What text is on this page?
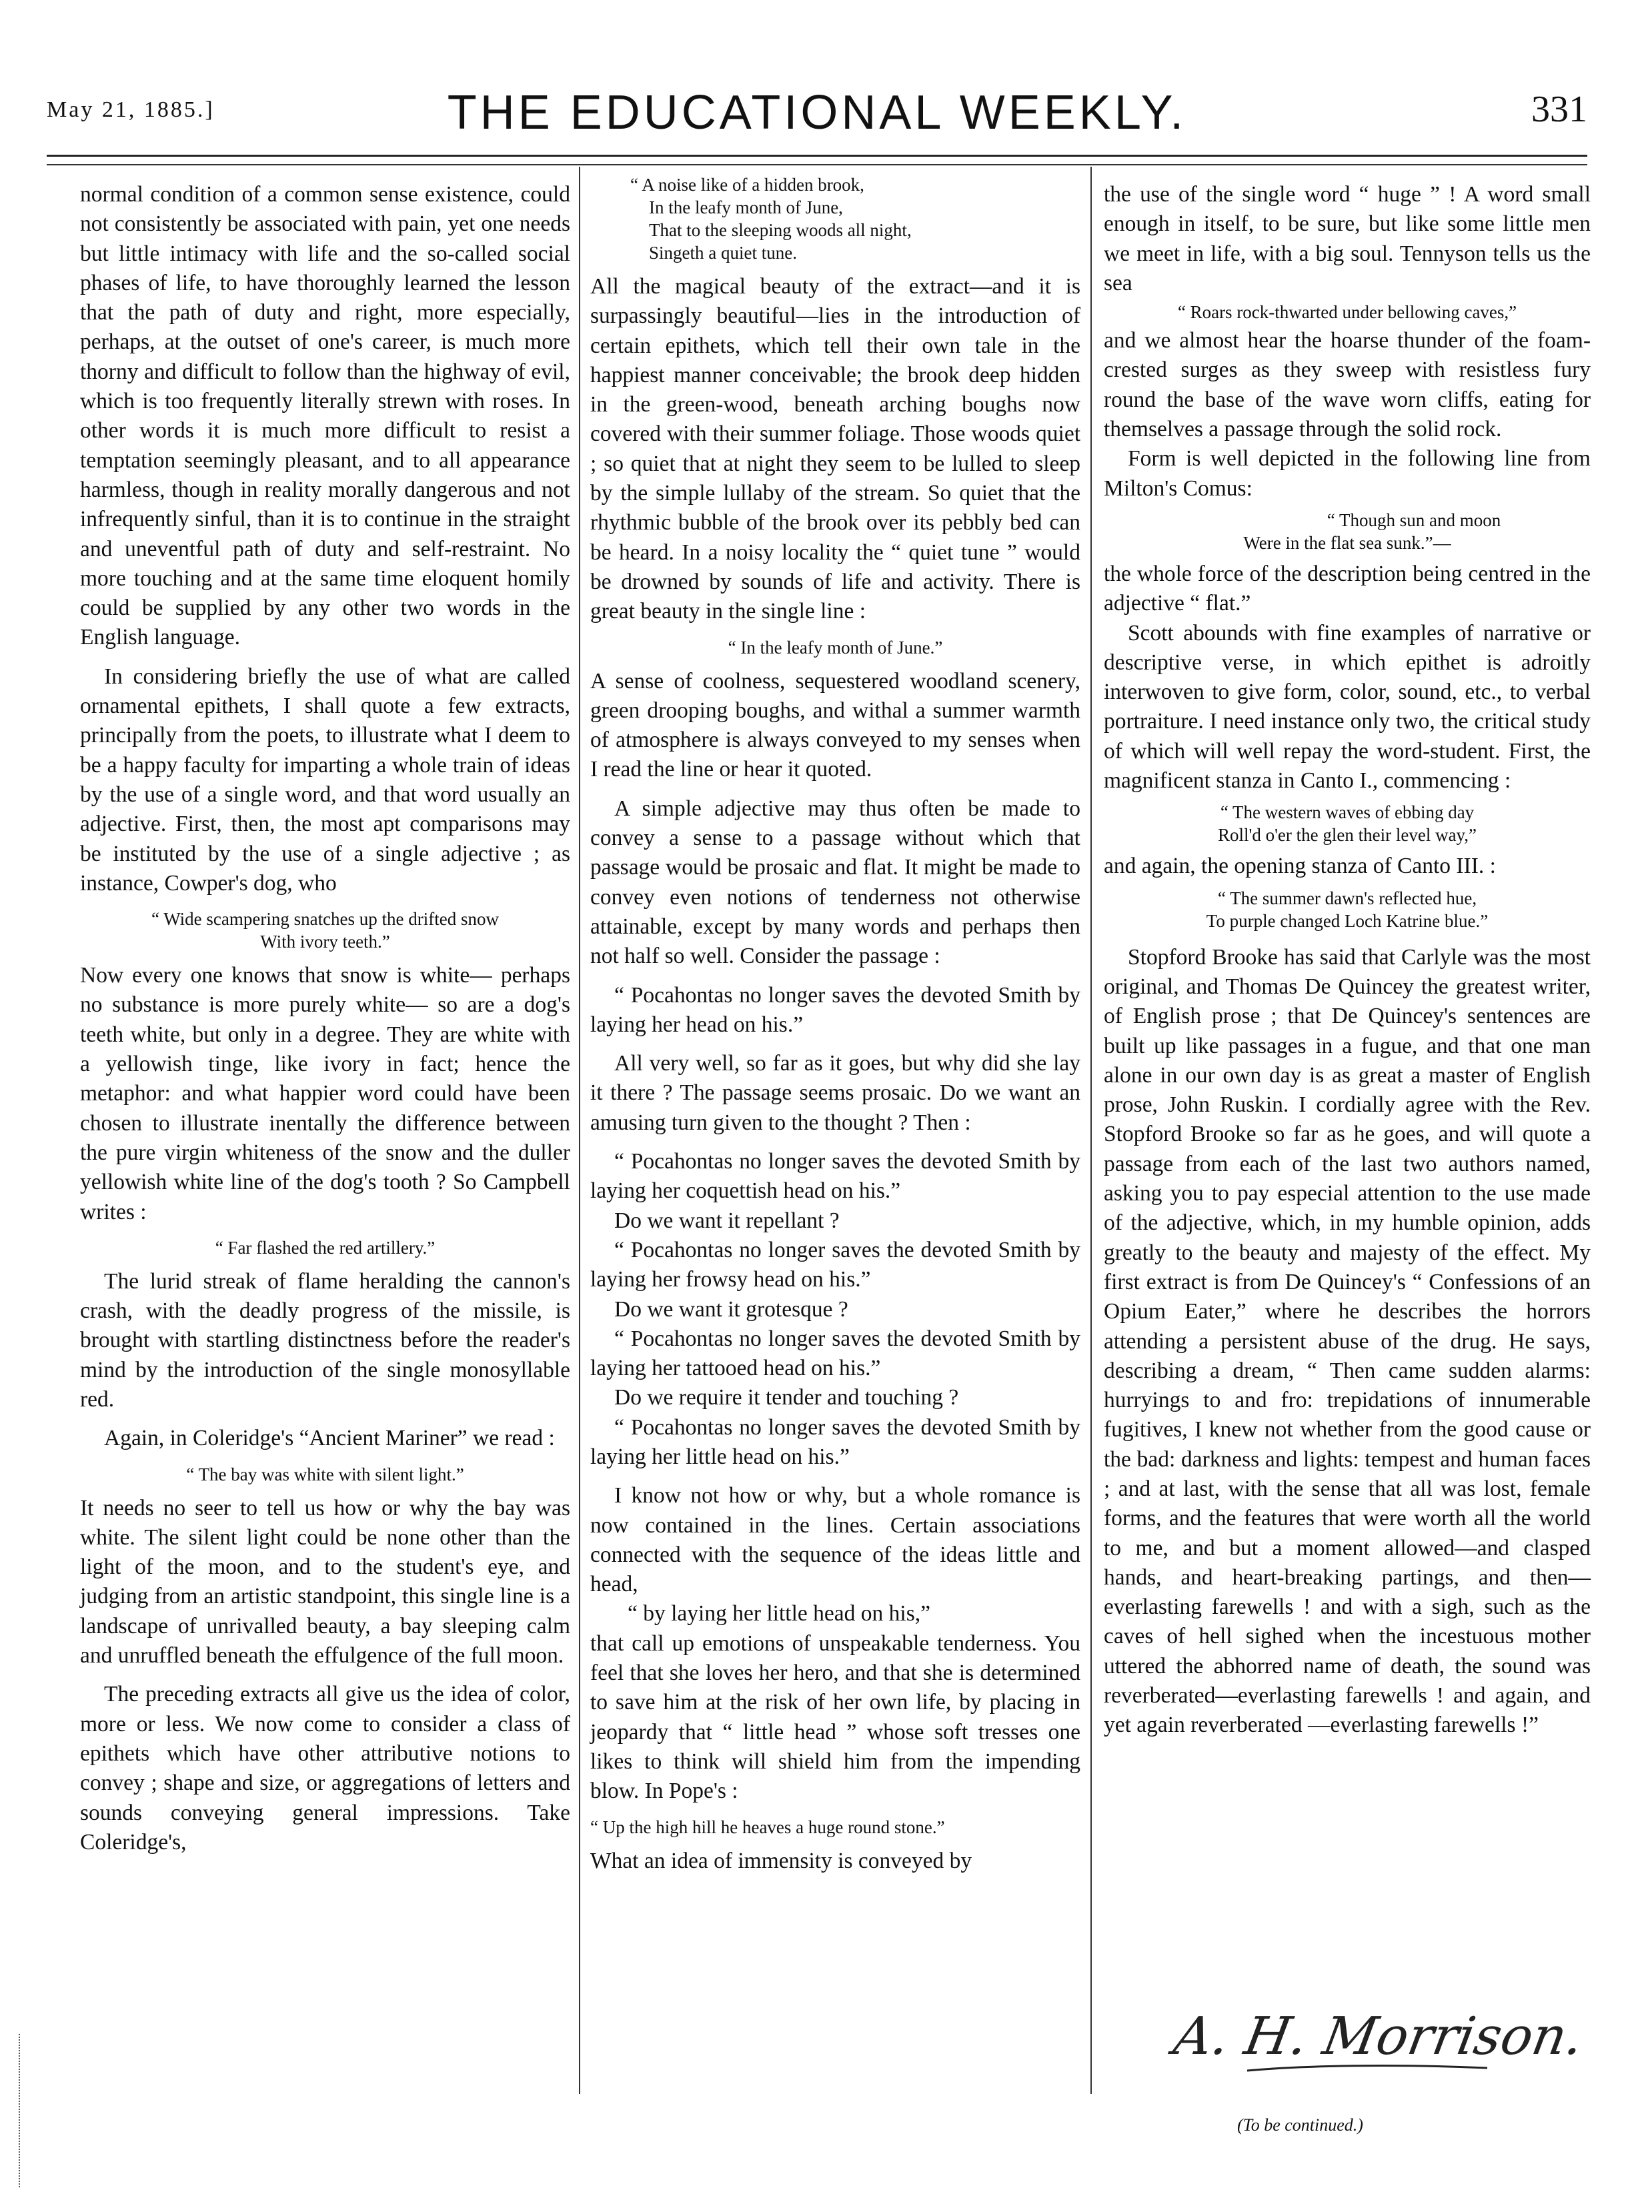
May 21, 1885.]	THE EDUCATIONAL WEEKLY.	331

normal condition of a common sense existence, could not consistently be associated with pain, yet one needs but little intimacy with life and the so-called social phases of life, to have thoroughly learned the lesson that the path of duty and right, more especially, perhaps, at the outset of one's career, is much more thorny and difficult to follow than the highway of evil, which is too frequently literally strewn with roses. In other words it is much more difficult to resist a temptation seemingly pleasant, and to all appearance harmless, though in reality morally dangerous and not infrequently sinful, than it is to continue in the straight and uneventful path of duty and self-restraint. No more touching and at the same time eloquent homily could be supplied by any other two words in the English language.

In considering briefly the use of what are called ornamental epithets, I shall quote a few extracts, principally from the poets, to illustrate what I deem to be a happy faculty for imparting a whole train of ideas by the use of a single word, and that word usually an adjective. First, then, the most apt comparisons may be instituted by the use of a single adjective ; as instance, Cowper's dog, who

“ Wide scampering snatches up the drifted snow
With ivory teeth.”

Now every one knows that snow is white— perhaps no substance is more purely white— so are a dog's teeth white, but only in a degree. They are white with a yellowish tinge, like ivory in fact; hence the metaphor: and what happier word could have been chosen to illustrate inentally the difference between the pure virgin whiteness of the snow and the duller yellowish white line of the dog's tooth ? So Campbell writes :

“ Far flashed the red artillery.”

The lurid streak of flame heralding the cannon's crash, with the deadly progress of the missile, is brought with startling distinctness before the reader's mind by the introduction of the single monosyllable red.

Again, in Coleridge's “Ancient Mariner” we read :

“ The bay was white with silent light.”

It needs no seer to tell us how or why the bay was white. The silent light could be none other than the light of the moon, and to the student's eye, and judging from an artistic standpoint, this single line is a landscape of unrivalled beauty, a bay sleeping calm and unruffled beneath the effulgence of the full moon.

The preceding extracts all give us the idea of color, more or less. We now come to consider a class of epithets which have other attributive notions to convey ; shape and size, or aggregations of letters and sounds conveying general impressions. Take Coleridge's,

“ A noise like of a hidden brook,
In the leafy month of June,
That to the sleeping woods all night,
Singeth a quiet tune.

All the magical beauty of the extract—and it is surpassingly beautiful—lies in the introduction of certain epithets, which tell their own tale in the happiest manner conceivable; the brook deep hidden in the green-wood, beneath arching boughs now covered with their summer foliage. Those woods quiet ; so quiet that at night they seem to be lulled to sleep by the simple lullaby of the stream. So quiet that the rhythmic bubble of the brook over its pebbly bed can be heard. In a noisy locality the “ quiet tune ” would be drowned by sounds of life and activity. There is great beauty in the single line :

“ In the leafy month of June.”

A sense of coolness, sequestered woodland scenery, green drooping boughs, and withal a summer warmth of atmosphere is always conveyed to my senses when I read the line or hear it quoted.

A simple adjective may thus often be made to convey a sense to a passage without which that passage would be prosaic and flat. It might be made to convey even notions of tenderness not otherwise attainable, except by many words and perhaps then not half so well. Consider the passage :

“ Pocahontas no longer saves the devoted Smith by laying her head on his.”

All very well, so far as it goes, but why did she lay it there ? The passage seems prosaic. Do we want an amusing turn given to the thought ? Then :

“ Pocahontas no longer saves the devoted Smith by laying her coquettish head on his.”

Do we want it repellant ?

“ Pocahontas no longer saves the devoted Smith by laying her frowsy head on his.”

Do we want it grotesque ?

“ Pocahontas no longer saves the devoted Smith by laying her tattooed head on his.”

Do we require it tender and touching ?

“ Pocahontas no longer saves the devoted Smith by laying her little head on his.”

I know not how or why, but a whole romance is now contained in the lines. Certain associations connected with the sequence of the ideas little and head,

“ by laying her little head on his,”

that call up emotions of unspeakable tenderness. You feel that she loves her hero, and that she is determined to save him at the risk of her own life, by placing in jeopardy that “ little head ” whose soft tresses one likes to think will shield him from the impending blow. In Pope's :

“ Up the high hill he heaves a huge round stone.”

What an idea of immensity is conveyed by

the use of the single word “ huge ” ! A word small enough in itself, to be sure, but like some little men we meet in life, with a big soul. Tennyson tells us the sea

“ Roars rock-thwarted under bellowing caves,”

and we almost hear the hoarse thunder of the foam-crested surges as they sweep with resistless fury round the base of the wave worn cliffs, eating for themselves a passage through the solid rock.

Form is well depicted in the following line from Milton's Comus:

“ Though sun and moon
Were in the flat sea sunk.”—

the whole force of the description being centred in the adjective “ flat.”

Scott abounds with fine examples of narrative or descriptive verse, in which epithet is adroitly interwoven to give form, color, sound, etc., to verbal portraiture. I need instance only two, the critical study of which will well repay the word-student. First, the magnificent stanza in Canto I., commencing :

“ The western waves of ebbing day
Roll'd o'er the glen their level way,”

and again, the opening stanza of Canto III. :

“ The summer dawn's reflected hue,
To purple changed Loch Katrine blue.”

Stopford Brooke has said that Carlyle was the most original, and Thomas De Quincey the greatest writer, of English prose ; that De Quincey's sentences are built up like passages in a fugue, and that one man alone in our own day is as great a master of English prose, John Ruskin. I cordially agree with the Rev. Stopford Brooke so far as he goes, and will quote a passage from each of the last two authors named, asking you to pay especial attention to the use made of the adjective, which, in my humble opinion, adds greatly to the beauty and majesty of the effect. My first extract is from De Quincey's “ Confessions of an Opium Eater,” where he describes the horrors attending a persistent abuse of the drug. He says, describing a dream, “ Then came sudden alarms: hurryings to and fro: trepidations of innumerable fugitives, I knew not whether from the good cause or the bad: darkness and lights: tempest and human faces ; and at last, with the sense that all was lost, female forms, and the features that were worth all the world to me, and but a moment allowed—and clasped hands, and heart-breaking partings, and then—everlasting farewells ! and with a sigh, such as the caves of hell sighed when the incestuous mother uttered the abhorred name of death, the sound was reverberated—everlasting farewells ! and again, and yet again reverberated —everlasting farewells !”

A. H. Morrison.
(To be continued.)
